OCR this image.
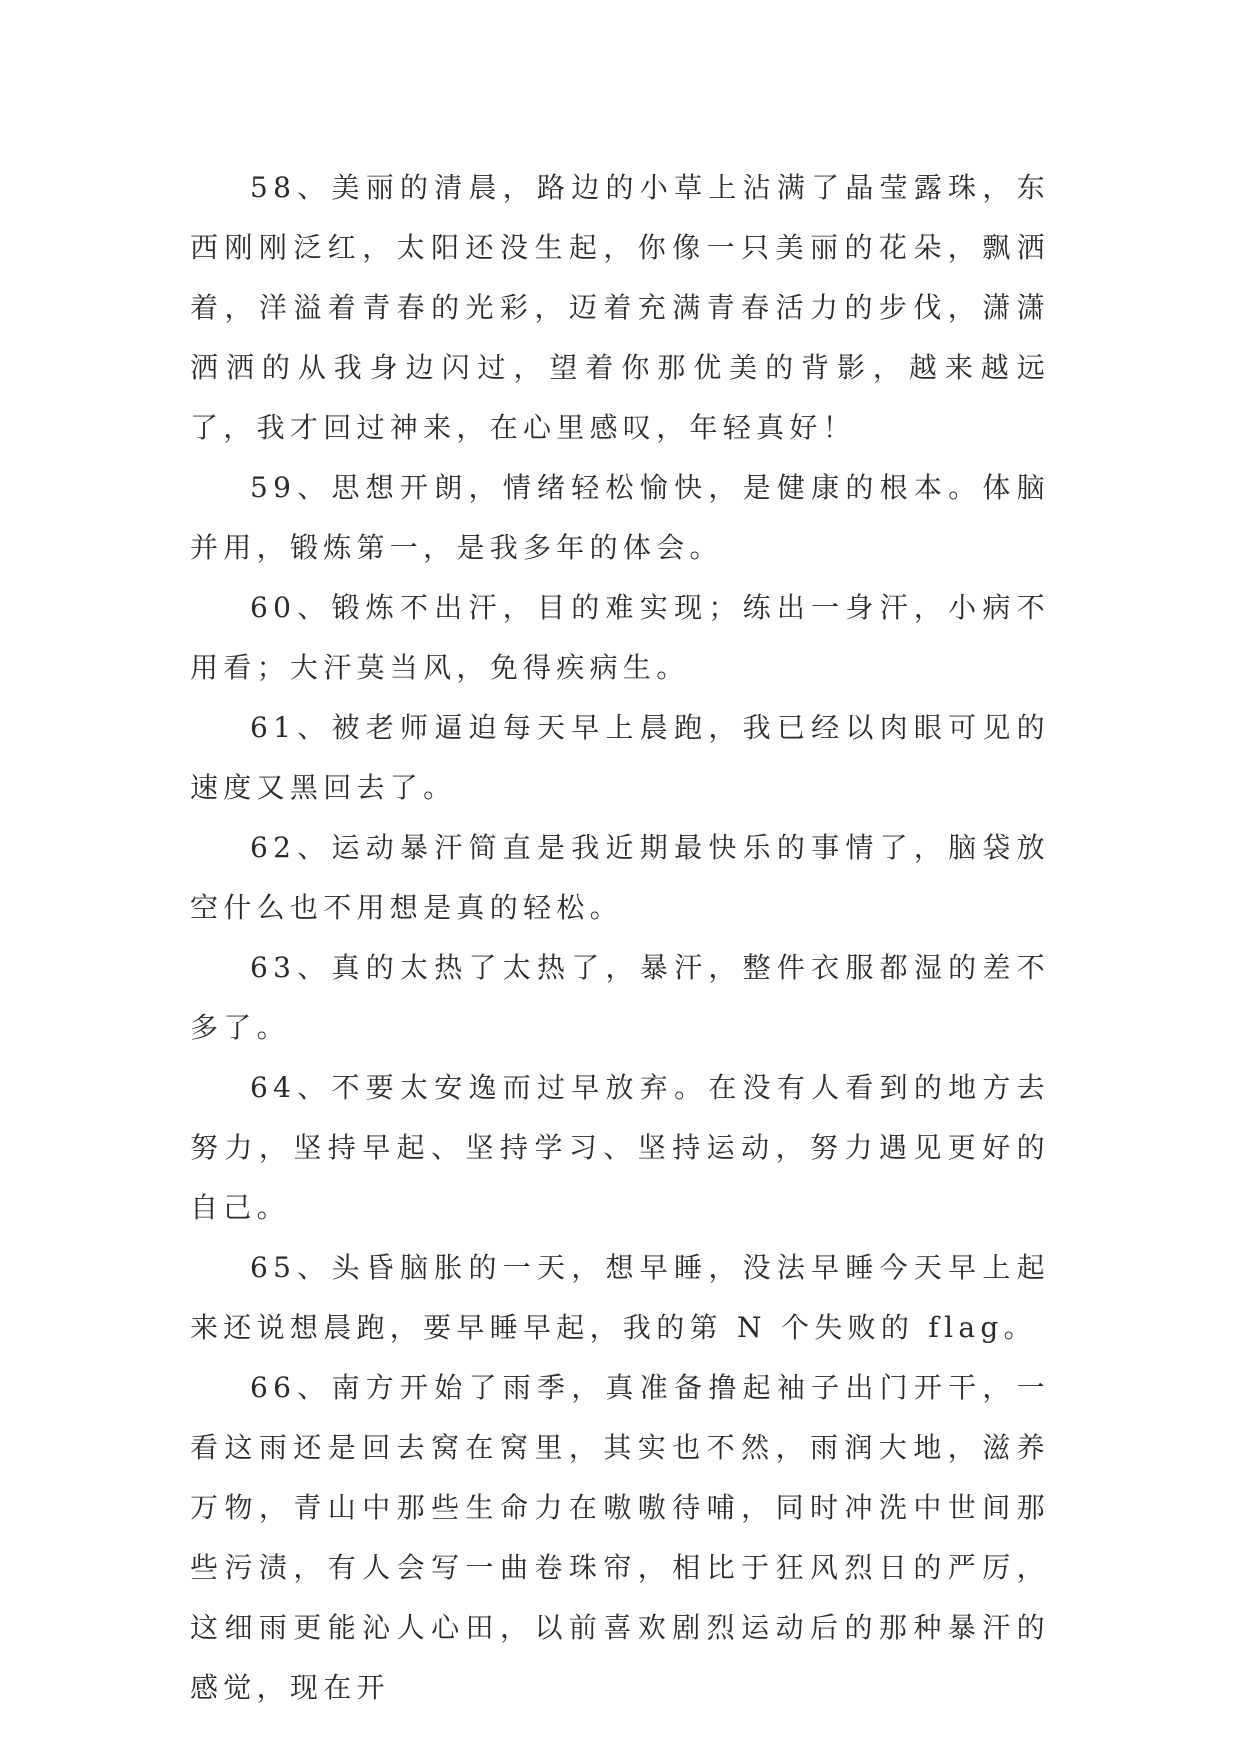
58、美丽的清晨，路边的小草上沾满了晶莹露珠，东西刚刚泛红，太阳还没生起，你像一只美丽的花朵，飘洒着，洋溢着青春的光彩，迈着充满青春活力的步伐，潇潇洒洒的从我身边闪过，望着你那优美的背影，越来越远了，我才回过神来，在心里感叹，年轻真好！

59、思想开朗，情绪轻松愉快，是健康的根本。体脑并用，锻炼第一，是我多年的体会。

60、锻炼不出汗，目的难实现；练出一身汗，小病不用看；大汗莫当风，免得疾病生。

61、被老师逼迫每天早上晨跑，我已经以肉眼可见的速度又黑回去了。

62、运动暴汗简直是我近期最快乐的事情了，脑袋放空什么也不用想是真的轻松。

63、真的太热了太热了，暴汗，整件衣服都湿的差不多了。

64、不要太安逸而过早放弃。在没有人看到的地方去努力，坚持早起、坚持学习、坚持运动，努力遇见更好的自己。

65、头昏脑胀的一天，想早睡，没法早睡今天早上起来还说想晨跑，要早睡早起，我的第 N 个失败的 flag。

66、南方开始了雨季，真准备撸起袖子出门开干，一看这雨还是回去窝在窝里，其实也不然，雨润大地，滋养万物，青山中那些生命力在嗷嗷待哺，同时冲洗中世间那些污渍，有人会写一曲卷珠帘，相比于狂风烈日的严厉，这细雨更能沁人心田，以前喜欢剧烈运动后的那种暴汗的感觉，现在开
